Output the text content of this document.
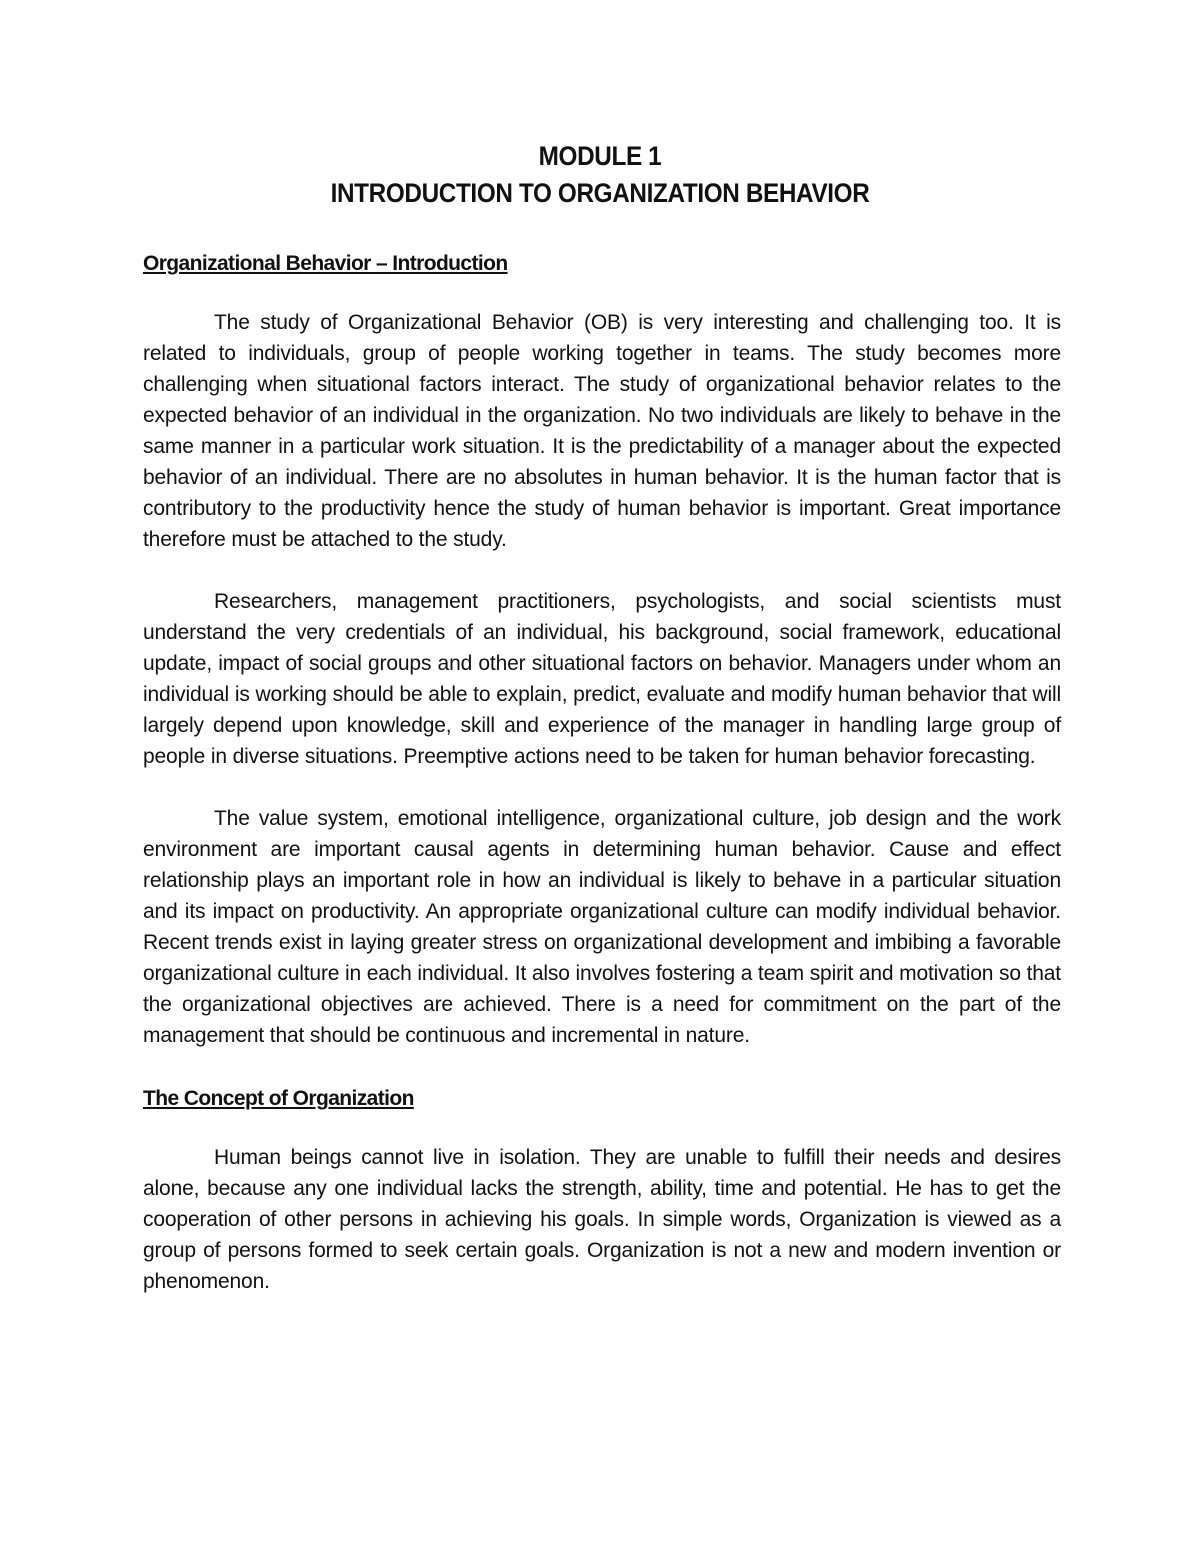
MODULE 1
INTRODUCTION TO ORGANIZATION BEHAVIOR
Organizational Behavior – Introduction

The study of Organizational Behavior (OB) is very interesting and challenging too. It is related to individuals, group of people working together in teams. The study becomes more challenging when situational factors interact. The study of organizational behavior relates to the expected behavior of an individual in the organization. No two individuals are likely to behave in the same manner in a particular work situation. It is the predictability of a manager about the expected behavior of an individual. There are no absolutes in human behavior. It is the human factor that is contributory to the productivity hence the study of human behavior is important. Great importance therefore must be attached to the study.

Researchers, management practitioners, psychologists, and social scientists must understand the very credentials of an individual, his background, social framework, educational update, impact of social groups and other situational factors on behavior. Managers under whom an individual is working should be able to explain, predict, evaluate and modify human behavior that will largely depend upon knowledge, skill and experience of the manager in handling large group of people in diverse situations. Preemptive actions need to be taken for human behavior forecasting.

The value system, emotional intelligence, organizational culture, job design and the work environment are important causal agents in determining human behavior. Cause and effect relationship plays an important role in how an individual is likely to behave in a particular situation and its impact on productivity. An appropriate organizational culture can modify individual behavior. Recent trends exist in laying greater stress on organizational development and imbibing a favorable organizational culture in each individual. It also involves fostering a team spirit and motivation so that the organizational objectives are achieved. There is a need for commitment on the part of the management that should be continuous and incremental in nature.

The Concept of Organization

Human beings cannot live in isolation. They are unable to fulfill their needs and desires alone, because any one individual lacks the strength, ability, time and potential. He has to get the cooperation of other persons in achieving his goals. In simple words, Organization is viewed as a group of persons formed to seek certain goals. Organization is not a new and modern invention or phenomenon.
